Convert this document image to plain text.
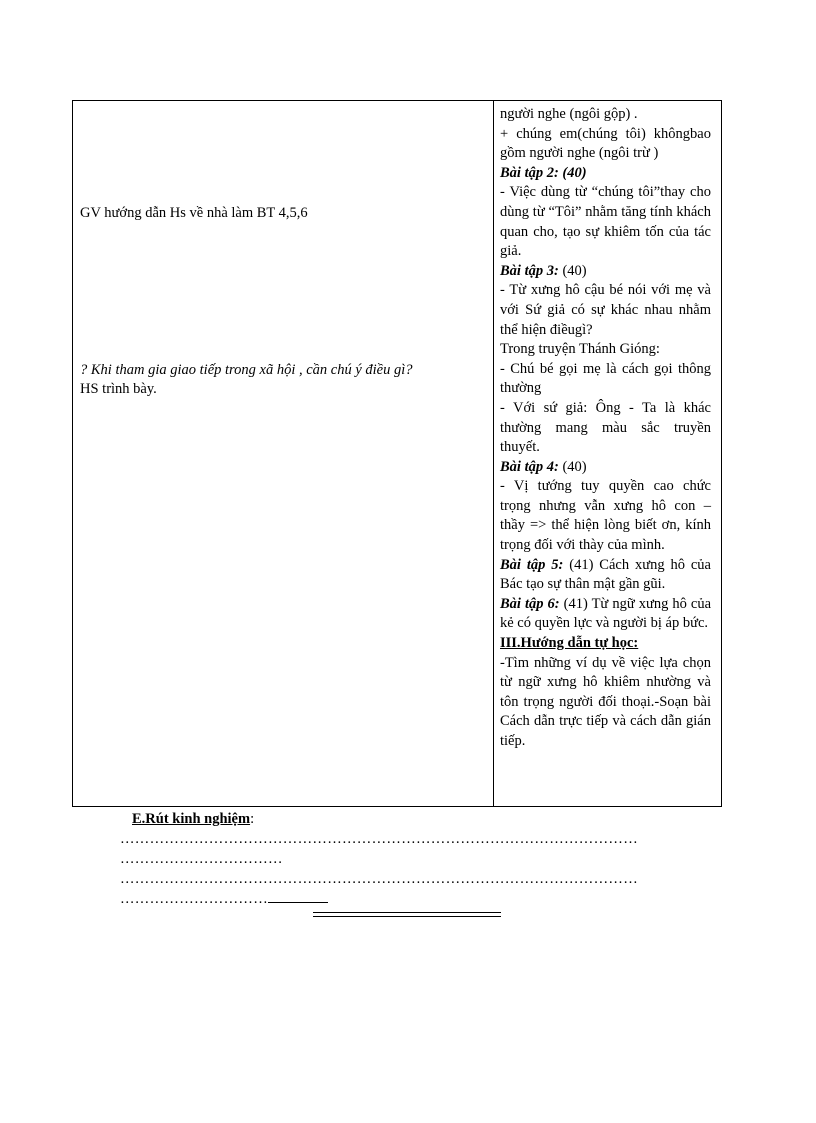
GV hướng dẫn Hs về nhà làm BT 4,5,6
? Khi tham gia giao tiếp trong xã hội , cần chú ý điều gì?
HS trình bày.

người nghe (ngôi gộp) .

+ chúng em(chúng tôi) khôngbao gồm người nghe (ngôi trừ )

Bài tập 2: (40)

- Việc dùng từ “chúng tôi”thay cho dùng từ “Tôi” nhằm tăng tính khách quan cho, tạo sự khiêm tốn của tác giả.

Bài tập 3: (40)

- Từ xưng hô cậu bé nói với mẹ và với Sứ giả có sự khác nhau nhằm thể hiện điềugì?

Trong truyện Thánh Gióng:

- Chú bé gọi mẹ là cách gọi thông thường

- Với sứ giả: Ông - Ta là khác thường mang màu sắc truyền thuyết.

Bài tập 4: (40)

- Vị tướng tuy quyền cao chức trọng nhưng vẫn xưng hô con – thầy => thể hiện lòng biết ơn, kính trọng đối với thày của mình.

Bài tập 5: (41) Cách xưng hô của Bác tạo sự thân mật gần gũi.

Bài tập 6: (41) Từ ngữ xưng hô của kẻ có quyền lực và người bị áp bức.

III.Hướng dẫn tự học:

-Tìm những ví dụ về việc lựa chọn từ ngữ xưng hô khiêm nhường và tôn trọng người đối thoại.-Soạn bài Cách dẫn trực tiếp và cách dẫn gián tiếp.

E.Rút kinh nghiệm:
……………………………………………………………………………………………
……………………………
……………………………………………………………………………………………
…………………………
